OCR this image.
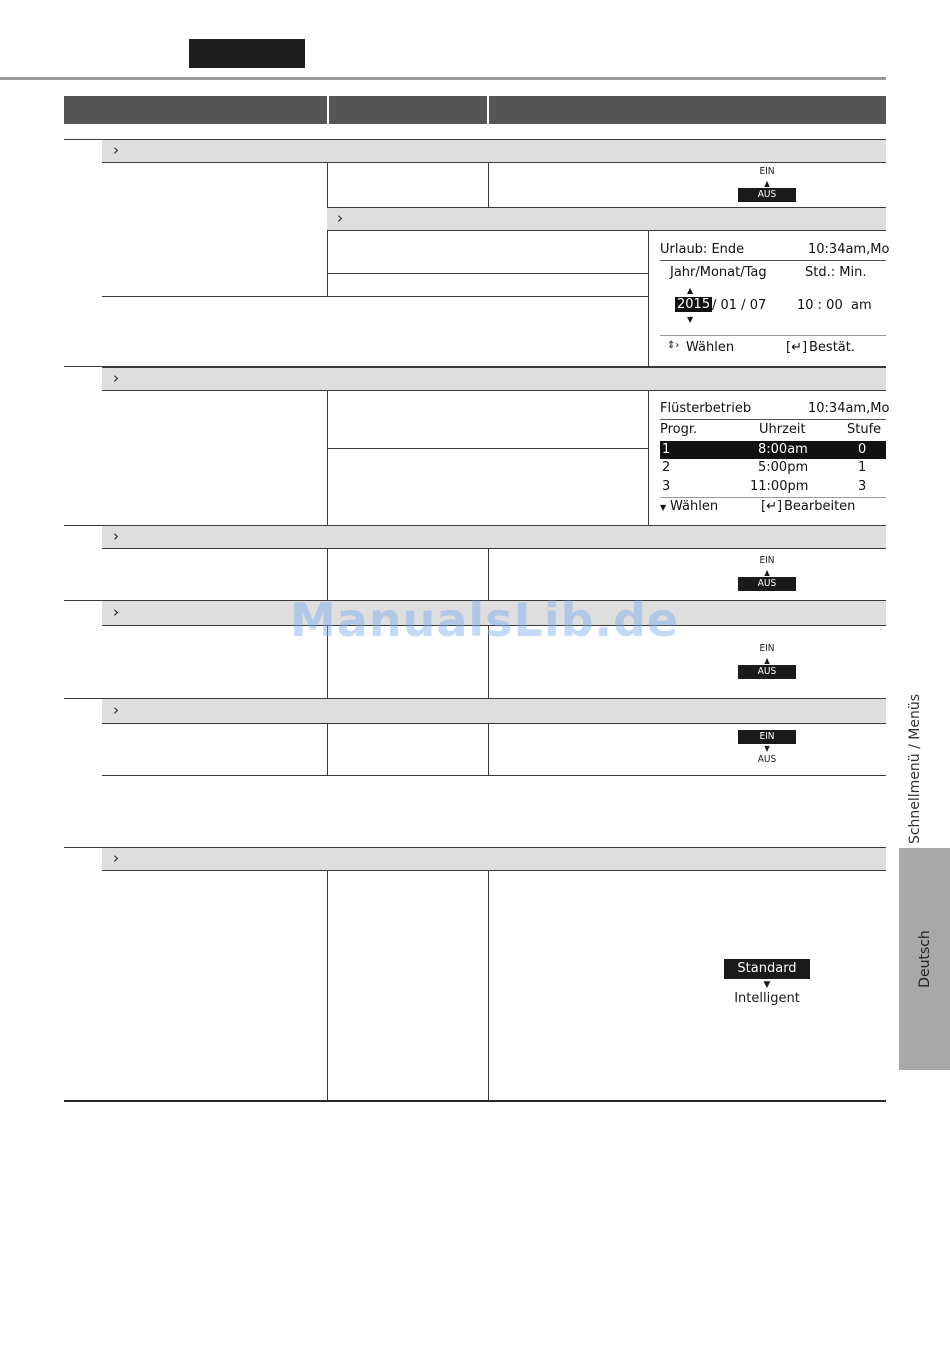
›
EIN
▲
AUS
›
Urlaub: Ende	10:34am,Mo
Jahr/Monat/Tag	Std.: Min.
▲
2015 / 01 / 07 10 : 00  am
▼
⇕› Wählen	[↵] Bestät.
›
Flüsterbetrieb	10:34am,Mo
Progr.	Uhrzeit	Stufe
1	8:00am	0
2	5:00pm	1
3	11:00pm	3
▼ Wählen	[↵] Bearbeiten
›
EIN
▲
AUS
›
EIN
▲
AUS
›
EIN
▼
AUS
›
Standard
▼
Intelligent
Schnellmenü / Menüs
Deutsch
ManualsLib.de
